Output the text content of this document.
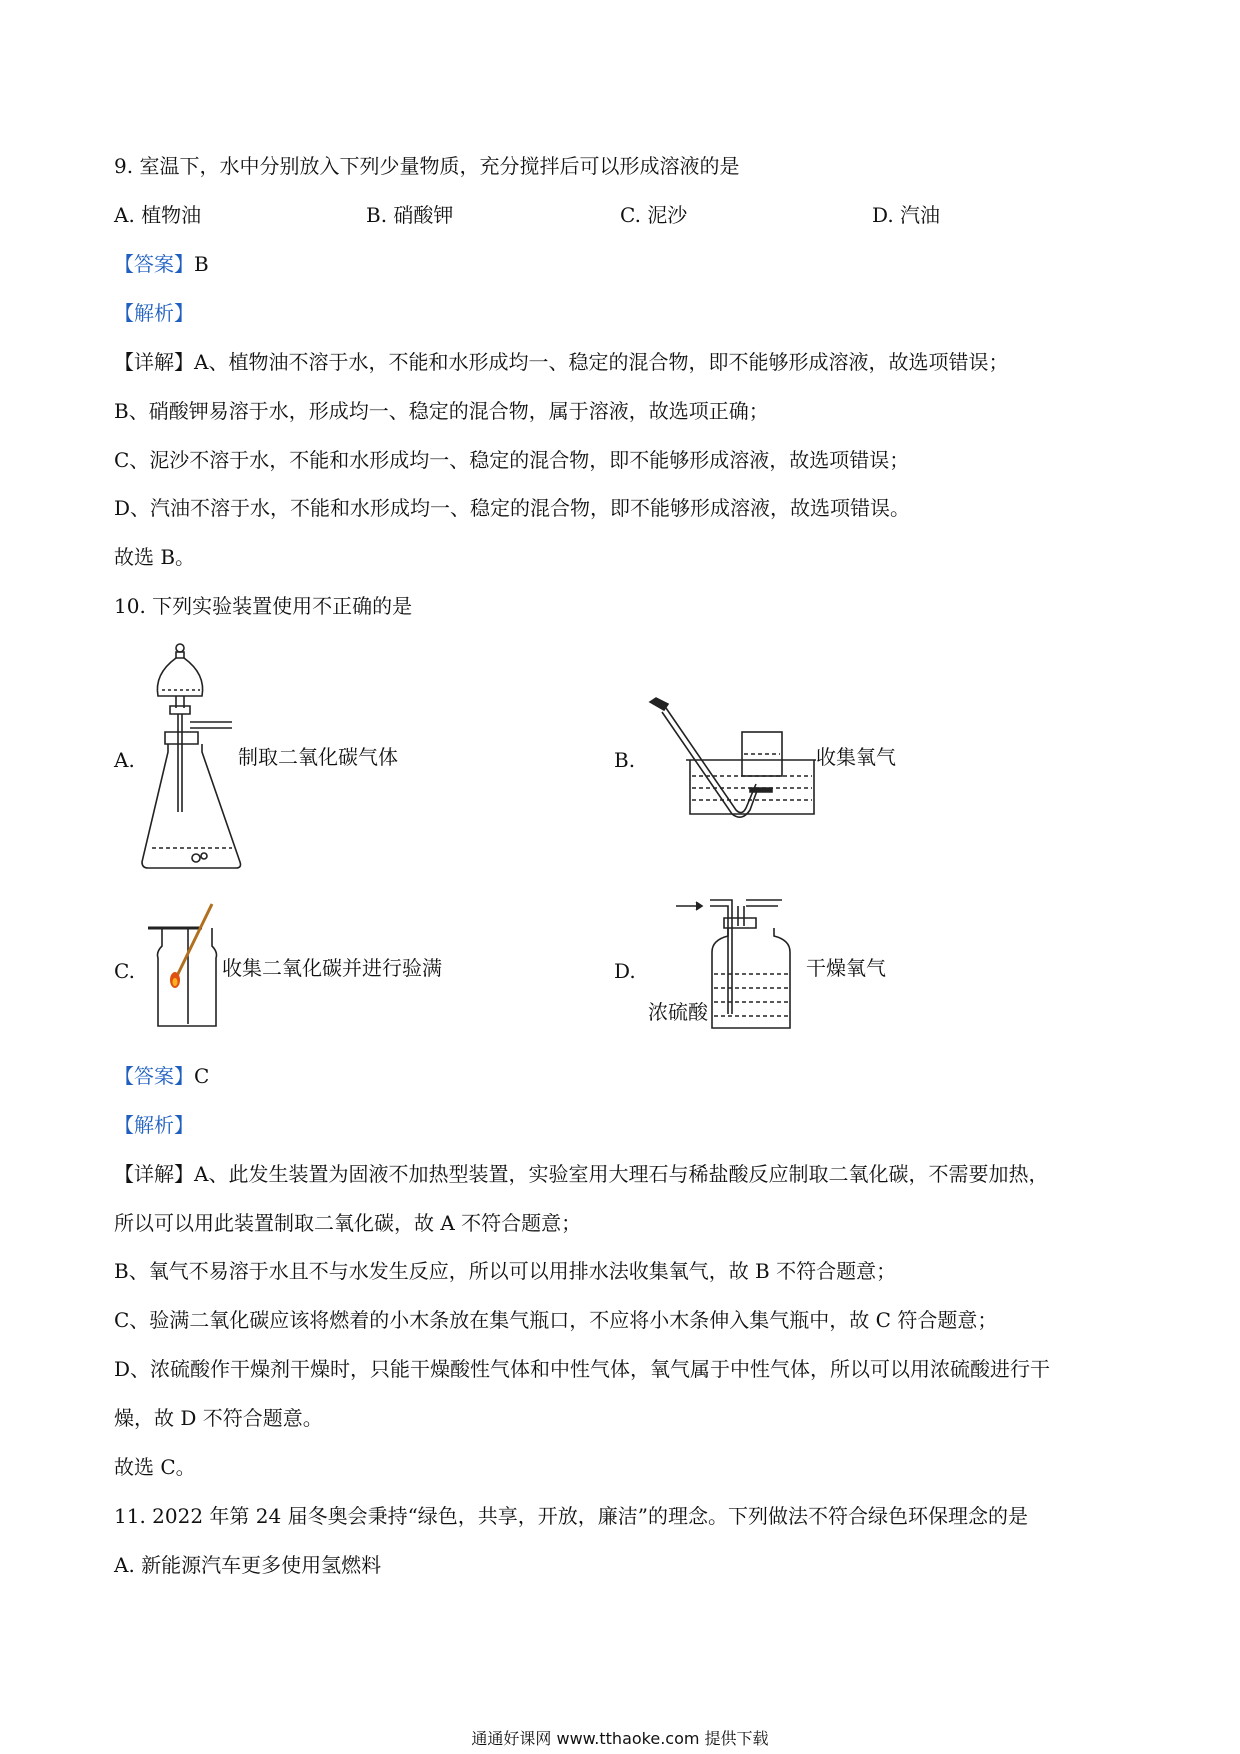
9. 室温下，水中分别放入下列少量物质，充分搅拌后可以形成溶液的是
A. 植物油	B. 硝酸钾	C. 泥沙	D. 汽油
【答案】B
【解析】
【详解】A、植物油不溶于水，不能和水形成均一、稳定的混合物，即不能够形成溶液，故选项错误；
B、硝酸钾易溶于水，形成均一、稳定的混合物，属于溶液，故选项正确；
C、泥沙不溶于水，不能和水形成均一、稳定的混合物，即不能够形成溶液，故选项错误；
D、汽油不溶于水，不能和水形成均一、稳定的混合物，即不能够形成溶液，故选项错误。
故选 B。
10. 下列实验装置使用不正确的是
A.	制取二氧化碳气体	B.	收集氧气
C.	收集二氧化碳并进行验满	D.	干燥氧气
浓硫酸
【答案】C
【解析】
【详解】A、此发生装置为固液不加热型装置，实验室用大理石与稀盐酸反应制取二氧化碳，不需要加热，
所以可以用此装置制取二氧化碳，故 A 不符合题意；
B、氧气不易溶于水且不与水发生反应，所以可以用排水法收集氧气，故 B 不符合题意；
C、验满二氧化碳应该将燃着的小木条放在集气瓶口，不应将小木条伸入集气瓶中，故 C 符合题意；
D、浓硫酸作干燥剂干燥时，只能干燥酸性气体和中性气体，氧气属于中性气体，所以可以用浓硫酸进行干
燥，故 D 不符合题意。
故选 C。
11. 2022 年第 24 届冬奥会秉持“绿色，共享，开放，廉洁”的理念。下列做法不符合绿色环保理念的是
A. 新能源汽车更多使用氢燃料
通通好课网 www.tthaoke.com 提供下载
